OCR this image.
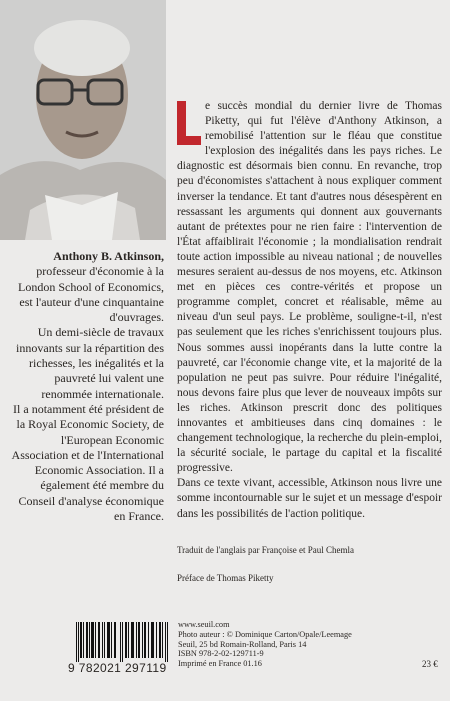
Anthony B. Atkinson,

professeur d'économie à la London School of Economics, est l'auteur d'une cinquantaine d'ouvrages.

Un demi-siècle de travaux innovants sur la répartition des richesses, les inégalités et la pauvreté lui valent une renommée internationale.

Il a notamment été président de la Royal Economic Society, de l'European Economic Association et de l'International Economic Association. Il a également été membre du Conseil d'analyse économique en France.

e succès mondial du dernier livre de Thomas Piketty, qui fut l'élève d'Anthony Atkinson, a remobilisé l'attention sur le fléau que constitue l'explosion des inégalités dans les pays riches. Le diagnostic est désormais bien connu. En revanche, trop peu d'économistes s'attachent à nous expliquer comment inverser la tendance. Et tant d'autres nous désespèrent en ressassant les arguments qui donnent aux gouvernants autant de prétextes pour ne rien faire : l'intervention de l'État affaiblirait l'économie ; la mondialisation rendrait toute action impossible au niveau national ; de nouvelles mesures seraient au-dessus de nos moyens, etc. Atkinson met en pièces ces contre-vérités et propose un programme complet, concret et réalisable, même au niveau d'un seul pays. Le problème, souligne-t-il, n'est pas seulement que les riches s'enrichissent toujours plus. Nous sommes aussi inopérants dans la lutte contre la pauvreté, car l'économie change vite, et la majorité de la population ne peut pas suivre. Pour réduire l'inégalité, nous devons faire plus que lever de nouveaux impôts sur les riches. Atkinson prescrit donc des politiques innovantes et ambitieuses dans cinq domaines : le changement technologique, la recherche du plein-emploi, la sécurité sociale, le partage du capital et la fiscalité progressive.

Dans ce texte vivant, accessible, Atkinson nous livre une somme incontournable sur le sujet et un message d'espoir dans les possibilités de l'action politique.

Traduit de l'anglais par Françoise et Paul Chemla
Préface de Thomas Piketty
9 782021 297119
www.seuil.com
Photo auteur : © Dominique Carton/Opale/Leemage
Seuil, 25 bd Romain-Rolland, Paris 14
ISBN 978-2-02-129711-9
Imprimé en France 01.16	23 €
